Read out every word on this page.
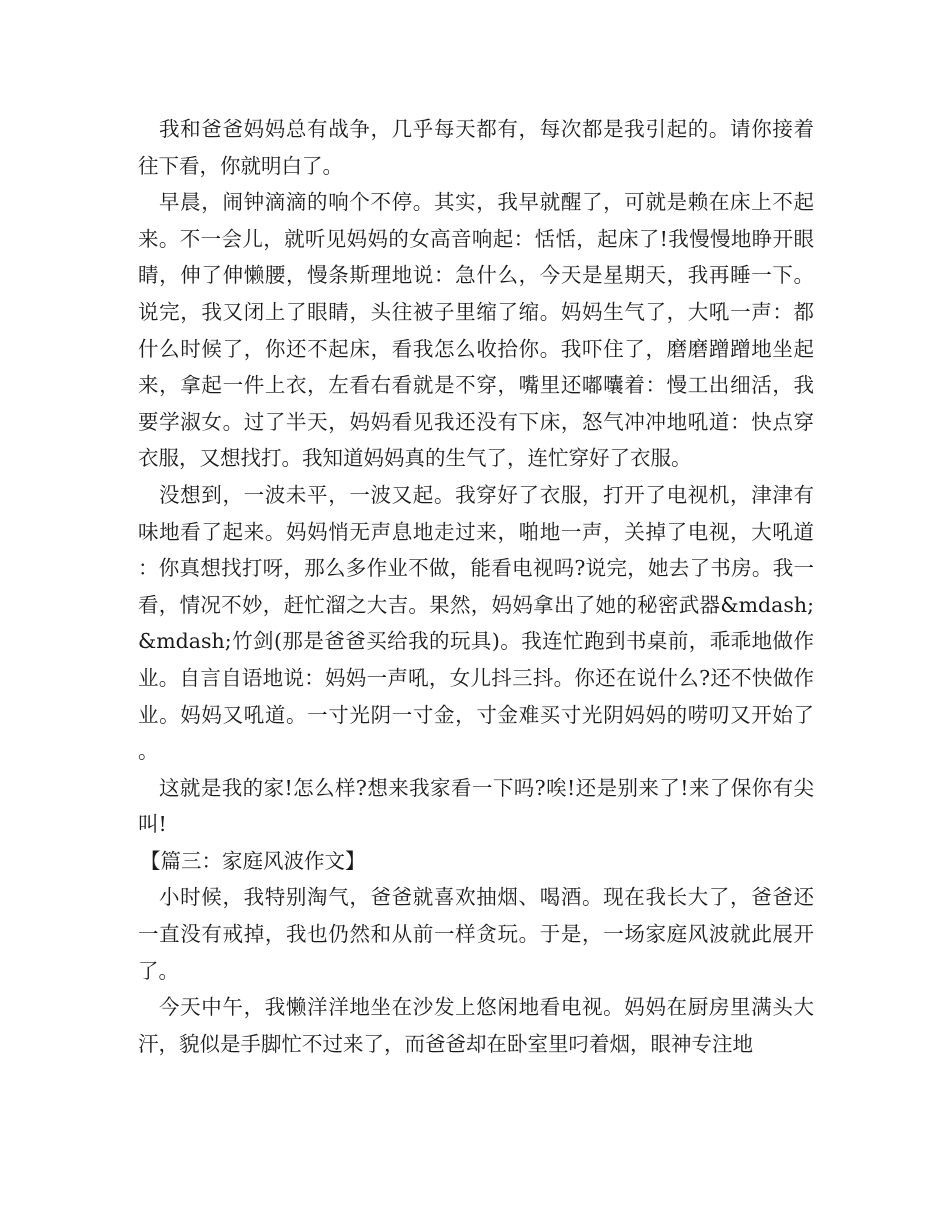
我和爸爸妈妈总有战争，几乎每天都有，每次都是我引起的。请你接着往下看，你就明白了。

早晨，闹钟滴滴的响个不停。其实，我早就醒了，可就是赖在床上不起来。不一会儿，就听见妈妈的女高音响起：恬恬，起床了!我慢慢地睁开眼睛，伸了伸懒腰，慢条斯理地说：急什么，今天是星期天，我再睡一下。说完，我又闭上了眼睛，头往被子里缩了缩。妈妈生气了，大吼一声：都什么时候了，你还不起床，看我怎么收拾你。我吓住了，磨磨蹭蹭地坐起来，拿起一件上衣，左看右看就是不穿，嘴里还嘟囔着：慢工出细活，我要学淑女。过了半天，妈妈看见我还没有下床，怒气冲冲地吼道：快点穿衣服，又想找打。我知道妈妈真的生气了，连忙穿好了衣服。

没想到，一波未平，一波又起。我穿好了衣服，打开了电视机，津津有味地看了起来。妈妈悄无声息地走过来，啪地一声，关掉了电视，大吼道：你真想找打呀，那么多作业不做，能看电视吗?说完，她去了书房。我一看，情况不妙，赶忙溜之大吉。果然，妈妈拿出了她的秘密武器&mdash;&mdash;竹剑(那是爸爸买给我的玩具)。我连忙跑到书桌前，乖乖地做作业。自言自语地说：妈妈一声吼，女儿抖三抖。你还在说什么?还不快做作业。妈妈又吼道。一寸光阴一寸金，寸金难买寸光阴妈妈的唠叨又开始了。

这就是我的家!怎么样?想来我家看一下吗?唉!还是别来了!来了保你有尖叫!

【篇三：家庭风波作文】

小时候，我特别淘气，爸爸就喜欢抽烟、喝酒。现在我长大了，爸爸还一直没有戒掉，我也仍然和从前一样贪玩。于是，一场家庭风波就此展开了。

今天中午，我懒洋洋地坐在沙发上悠闲地看电视。妈妈在厨房里满头大汗，貌似是手脚忙不过来了，而爸爸却在卧室里叼着烟，眼神专注地
